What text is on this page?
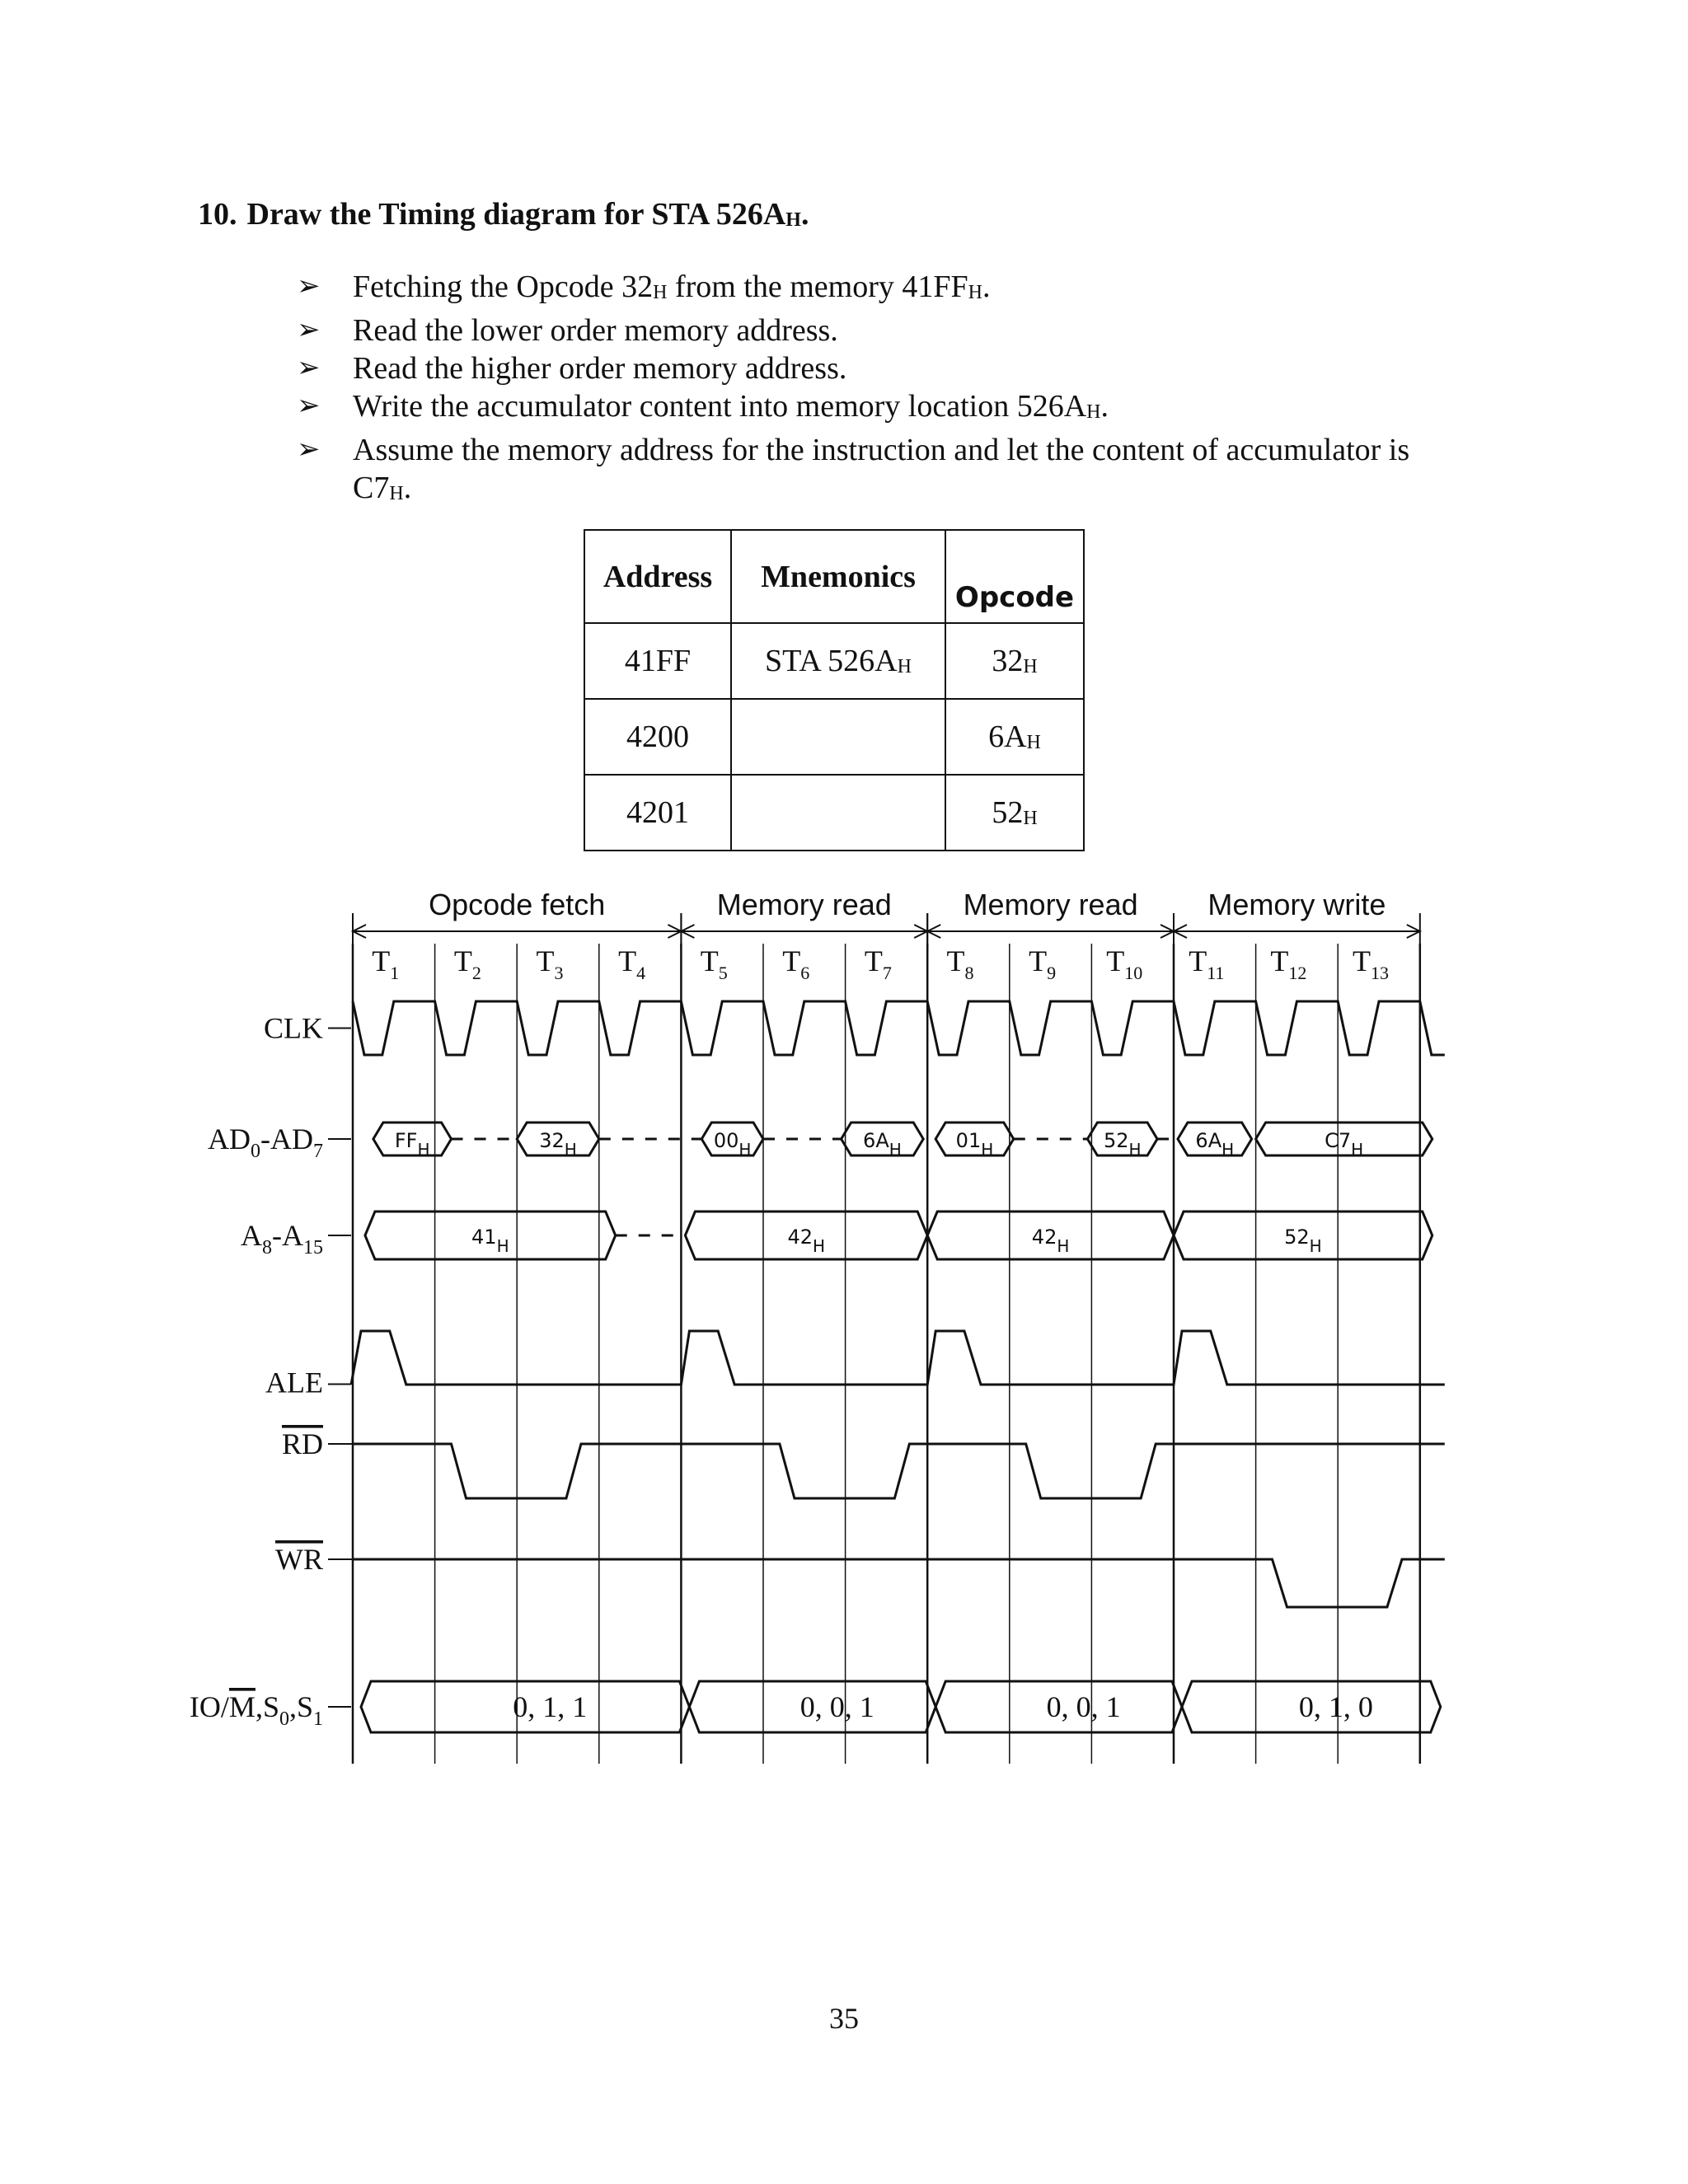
10. Draw the Timing diagram for STA $526A_H$.
➢ Fetching the Opcode $32_H$ from the memory $41FF_H$.
➢ Read the lower order memory address.
➢ Read the higher order memory address.
➢ Write the accumulator content into memory location $526A_H$.
➢ Assume the memory address for the instruction and let the content of accumulator is $C7_H$.
Address	Mnemonics	Opcode
41FF	STA $526A_H$	$32_H$
4200		$6A_H$
4201		$52_H$
Opcode fetch	Memory read Memory read Memory write
$T_1$ $T_2$ $T_3$ $T_4$ $T_5$ $T_6$ $T_7$ $T_8$ $T_9$ $T_{10}$ $T_{11}$ $T_{12}$ $T_{13}$
CLK
$AD_0-AD_7$
$A_8-A_{15}$
ALE
RD
WR
$IO/M,S_0,S_1$
$FF_H$	$32_H$	$00_H$	$6A_H$	$01_H$	$52_H$	$6A_H$	$C7_H$
$41_H$	$42_H$	$42_H$	$52_H$
0, 1, 1	0, 0, 1	0, 0, 1	0, 1, 0
35
